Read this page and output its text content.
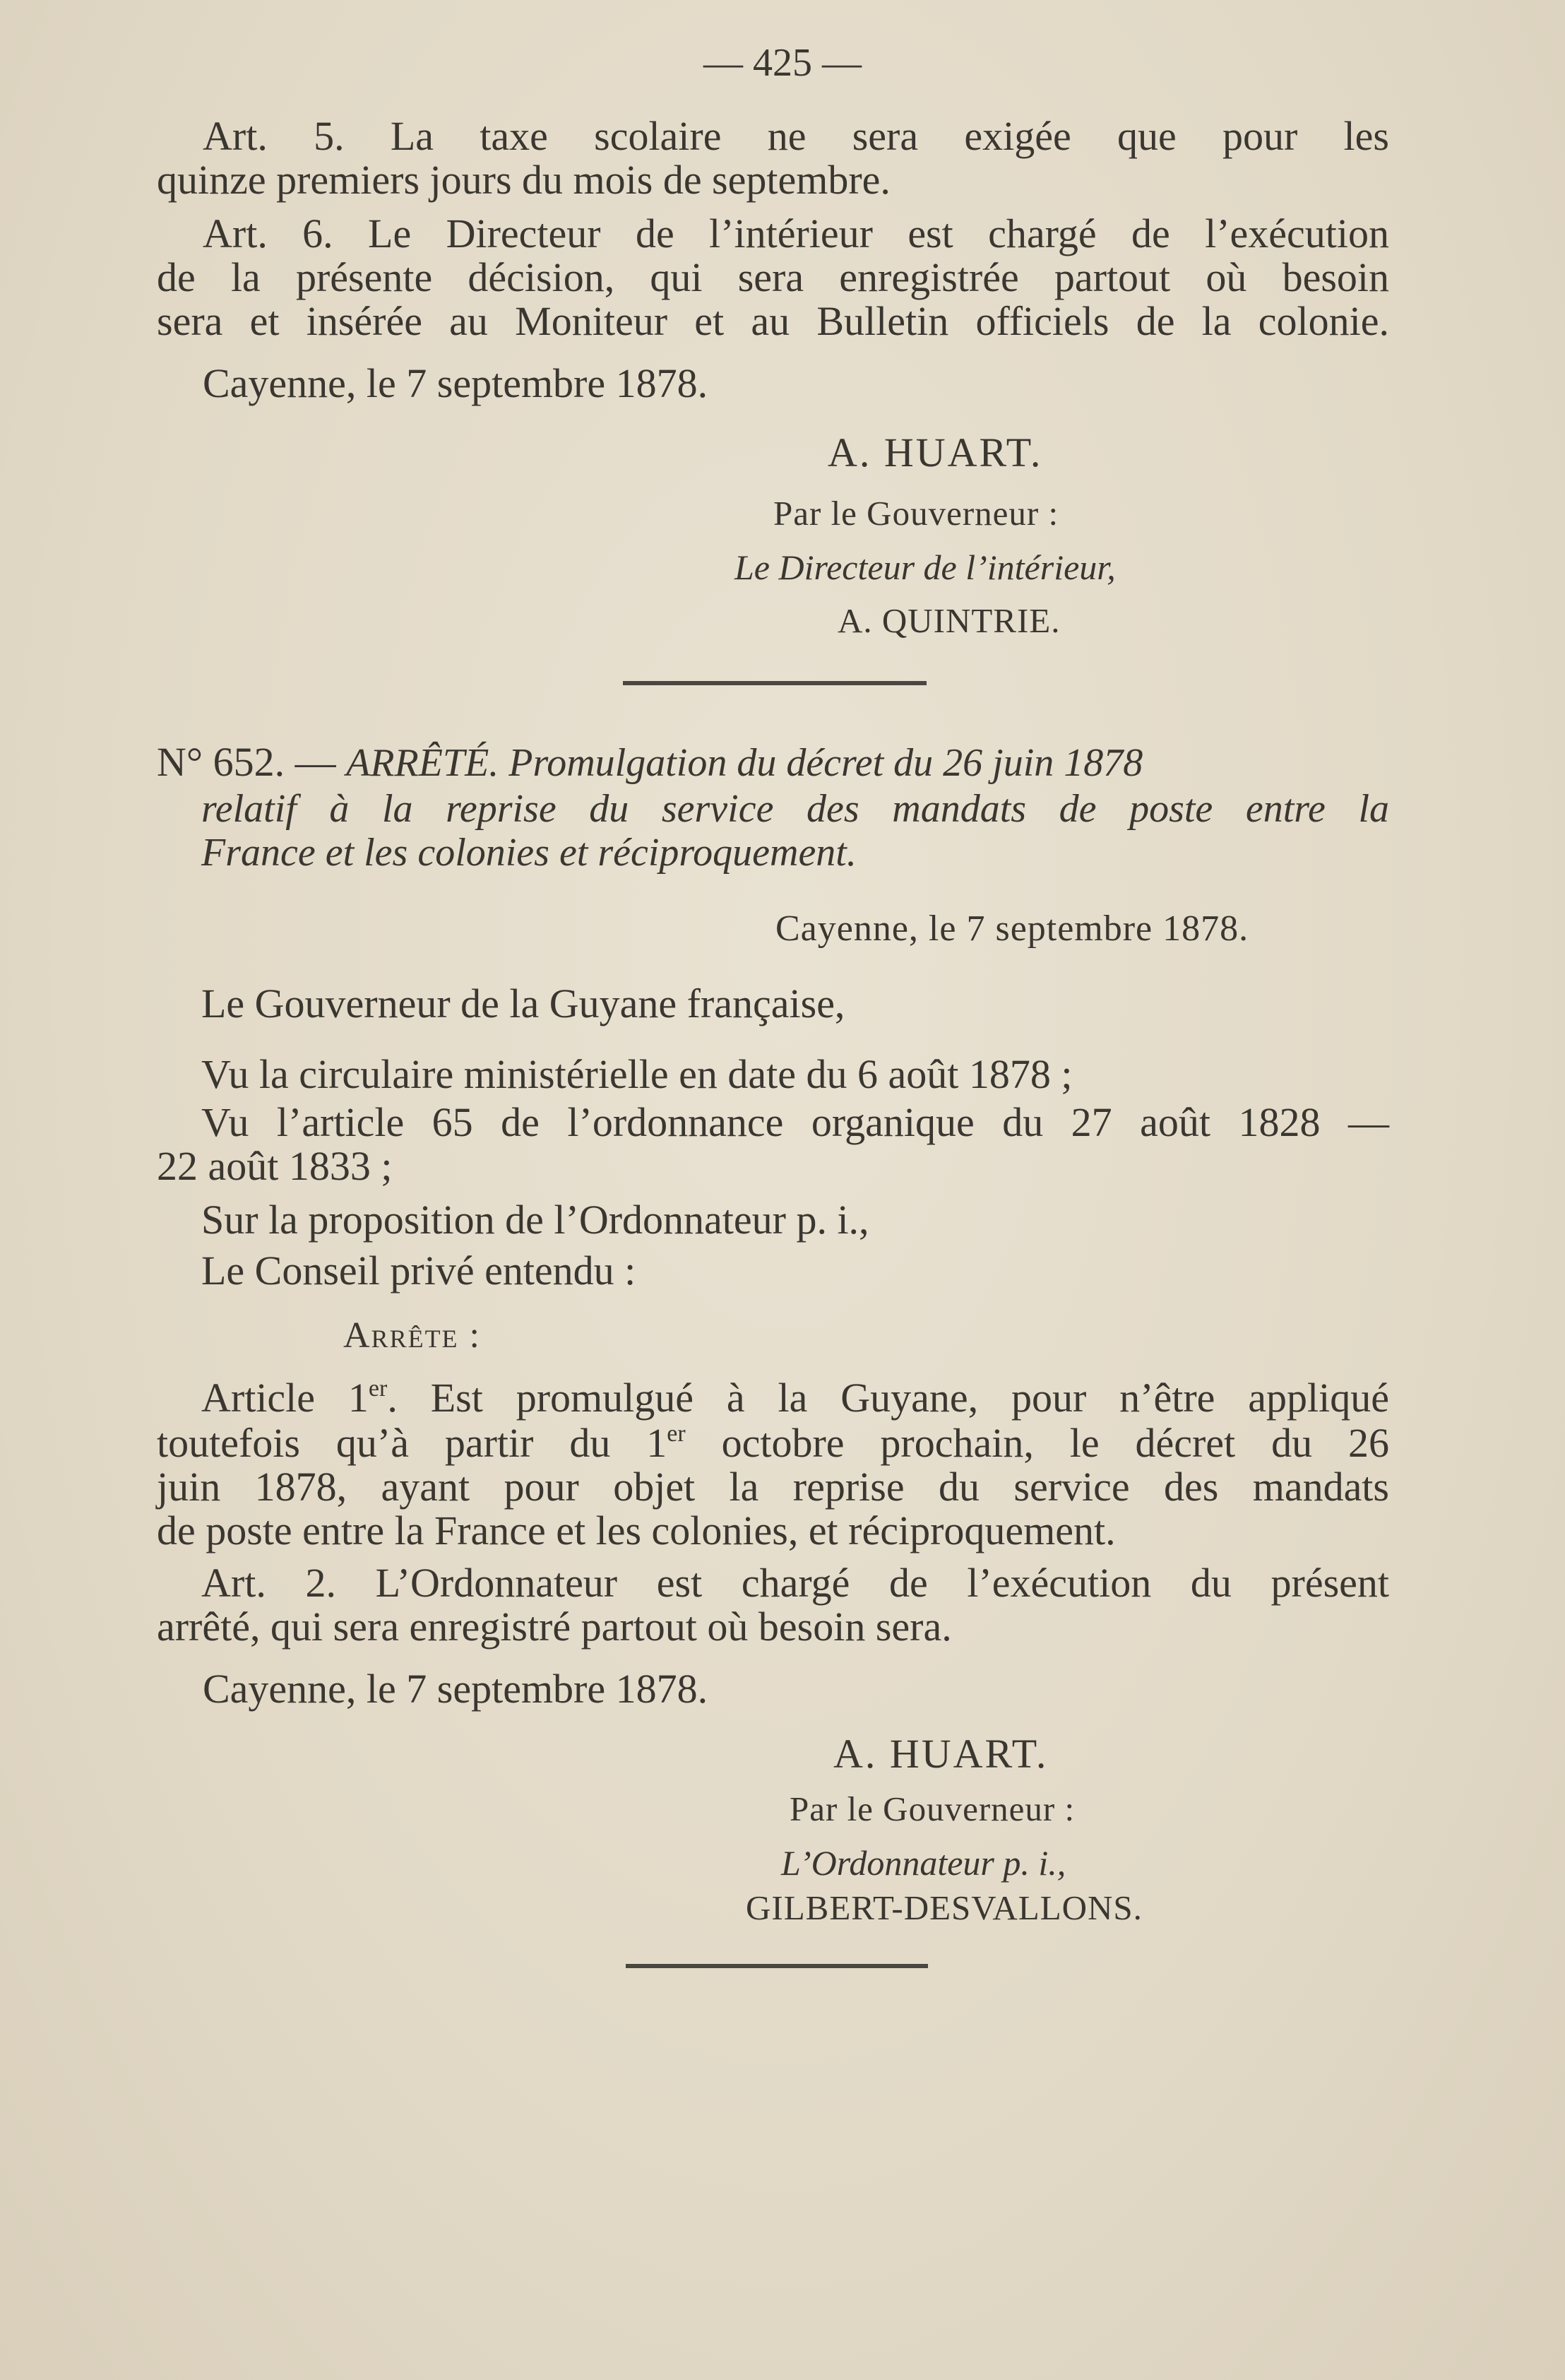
— 425 —
Art. 5. La taxe scolaire ne sera exigée que pour les
quinze premiers jours du mois de septembre.
Art. 6. Le Directeur de l’intérieur est chargé de l’exécution
de la présente décision, qui sera enregistrée partout où besoin
sera et insérée au Moniteur et au Bulletin officiels de la colonie.
Cayenne, le 7 septembre 1878.
A. HUART.
Par le Gouverneur :
Le Directeur de l’intérieur,
A. QUINTRIE.
N° 652. — ARRÊTÉ. Promulgation du décret du 26 juin 1878
relatif à la reprise du service des mandats de poste entre la
France et les colonies et réciproquement.
Cayenne, le 7 septembre 1878.
Le Gouverneur de la Guyane française,
Vu la circulaire ministérielle en date du 6 août 1878 ;
Vu l’article 65 de l’ordonnance organique du 27 août 1828 —
22 août 1833 ;
Sur la proposition de l’Ordonnateur p. i.,
Le Conseil privé entendu :
Arrête :
Article 1er. Est promulgué à la Guyane, pour n’être appliqué
toutefois qu’à partir du 1er octobre prochain, le décret du 26
juin 1878, ayant pour objet la reprise du service des mandats
de poste entre la France et les colonies, et réciproquement.
Art. 2. L’Ordonnateur est chargé de l’exécution du présent
arrêté, qui sera enregistré partout où besoin sera.
Cayenne, le 7 septembre 1878.
A. HUART.
Par le Gouverneur :
L’Ordonnateur p. i.,
GILBERT-DESVALLONS.
